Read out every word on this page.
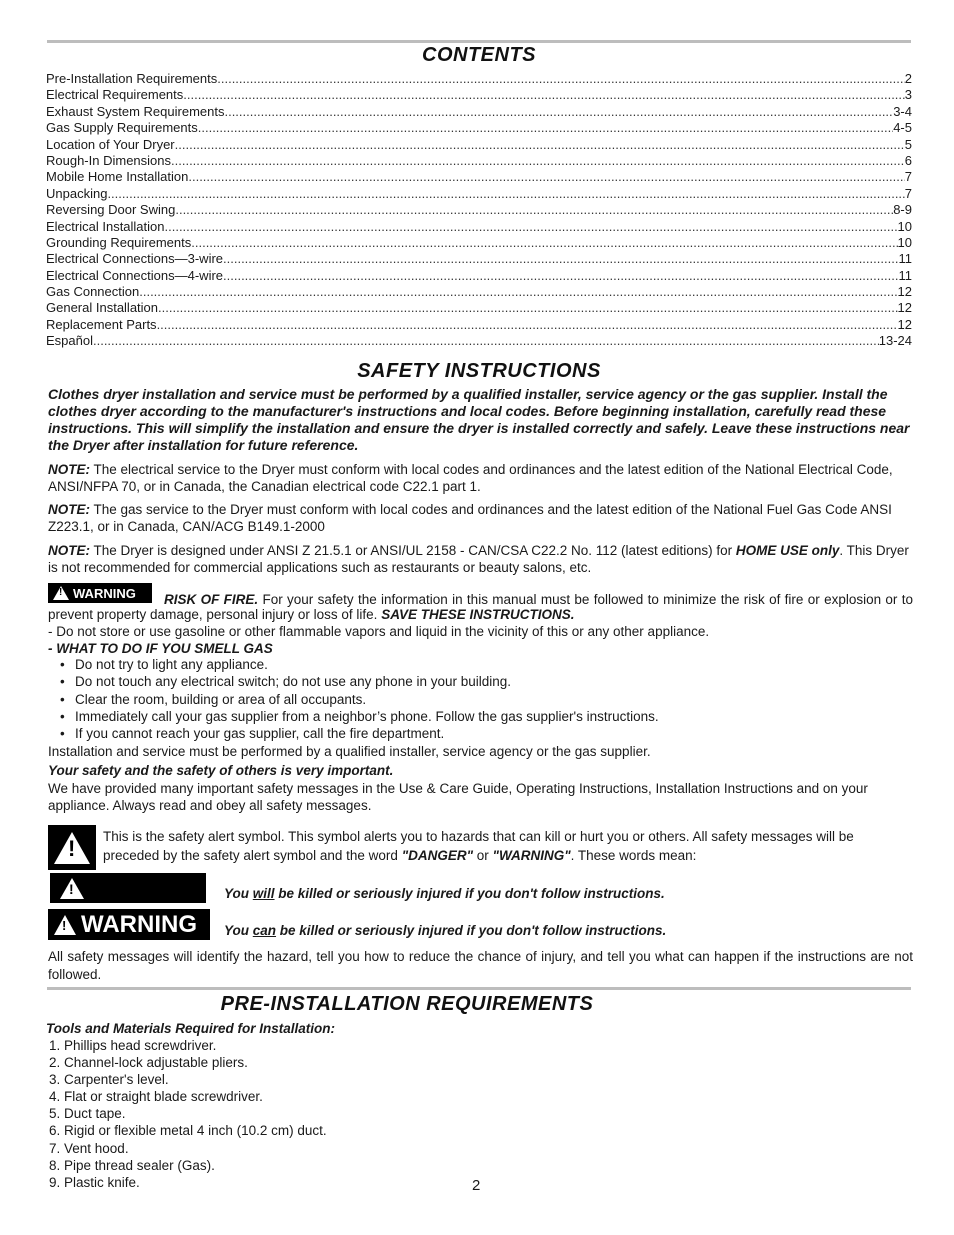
CONTENTS
Pre-Installation Requirements .....	2
Electrical Requirements .....	3
Exhaust System Requirements .....	3-4
Gas Supply Requirements .....	4-5
Location of Your Dryer .....	5
Rough-In Dimensions .....	6
Mobile Home Installation .....	7
Unpacking .....	7
Reversing Door Swing .....	8-9
Electrical Installation .....	10
Grounding Requirements .....	10
Electrical Connections—3-wire .....	11
Electrical Connections—4-wire .....	11
Gas Connection .....	12
General Installation .....	12
Replacement Parts .....	12
Español .....	13-24
SAFETY INSTRUCTIONS
Clothes dryer installation and service must be performed by a qualified installer, service agency or the gas supplier. Install the clothes dryer according to the manufacturer's instructions and local codes. Before beginning installation, carefully read these instructions. This will simplify the installation and ensure the dryer is installed correctly and safely. Leave these instructions near the Dryer after installation for future reference.
NOTE: The electrical service to the Dryer must conform with local codes and ordinances and the latest edition of the National Electrical Code, ANSI/NFPA 70, or in Canada, the Canadian electrical code C22.1 part 1.
NOTE: The gas service to the Dryer must conform with local codes and ordinances and the latest edition of the National Fuel Gas Code ANSI Z223.1, or in Canada, CAN/ACG B149.1-2000
NOTE: The Dryer is designed under ANSI Z 21.5.1 or ANSI/UL 2158 - CAN/CSA C22.2 No. 112 (latest editions) for HOME USE only. This Dryer is not recommended for commercial applications such as restaurants or beauty salons, etc.
! WARNING	RISK OF FIRE. For your safety the information in this manual must be followed to minimize the risk of fire or explosion or to prevent property damage, personal injury or loss of life. SAVE THESE INSTRUCTIONS.
- Do not store or use gasoline or other flammable vapors and liquid in the vicinity of this or any other appliance.
- WHAT TO DO IF YOU SMELL GAS
• Do not try to light any appliance.
• Do not touch any electrical switch; do not use any phone in your building.
• Clear the room, building or area of all occupants.
• Immediately call your gas supplier from a neighbor’s phone. Follow the gas supplier's instructions.
• If you cannot reach your gas supplier, call the fire department.
Installation and service must be performed by a qualified installer, service agency or the gas supplier.
Your safety and the safety of others is very important.
We have provided many important safety messages in the Use & Care Guide, Operating Instructions, Installation Instructions and on your appliance. Always read and obey all safety messages.
! This is the safety alert symbol. This symbol alerts you to hazards that can kill or hurt you or others. All safety messages will be preceded by the safety alert symbol and the word "DANGER" or "WARNING". These words mean:
!	You will be killed or seriously injured if you don't follow instructions.
! WARNING You can be killed or seriously injured if you don't follow instructions.
All safety messages will identify the hazard, tell you how to reduce the chance of injury, and tell you what can happen if the instructions are not followed.
PRE-INSTALLATION REQUIREMENTS
Tools and Materials Required for Installation:
1. Phillips head screwdriver.
2. Channel-lock adjustable pliers.
3. Carpenter's level.
4. Flat or straight blade screwdriver.
5. Duct tape.
6. Rigid or flexible metal 4 inch (10.2 cm) duct.
7. Vent hood.
8. Pipe thread sealer (Gas).
9. Plastic knife.	2
